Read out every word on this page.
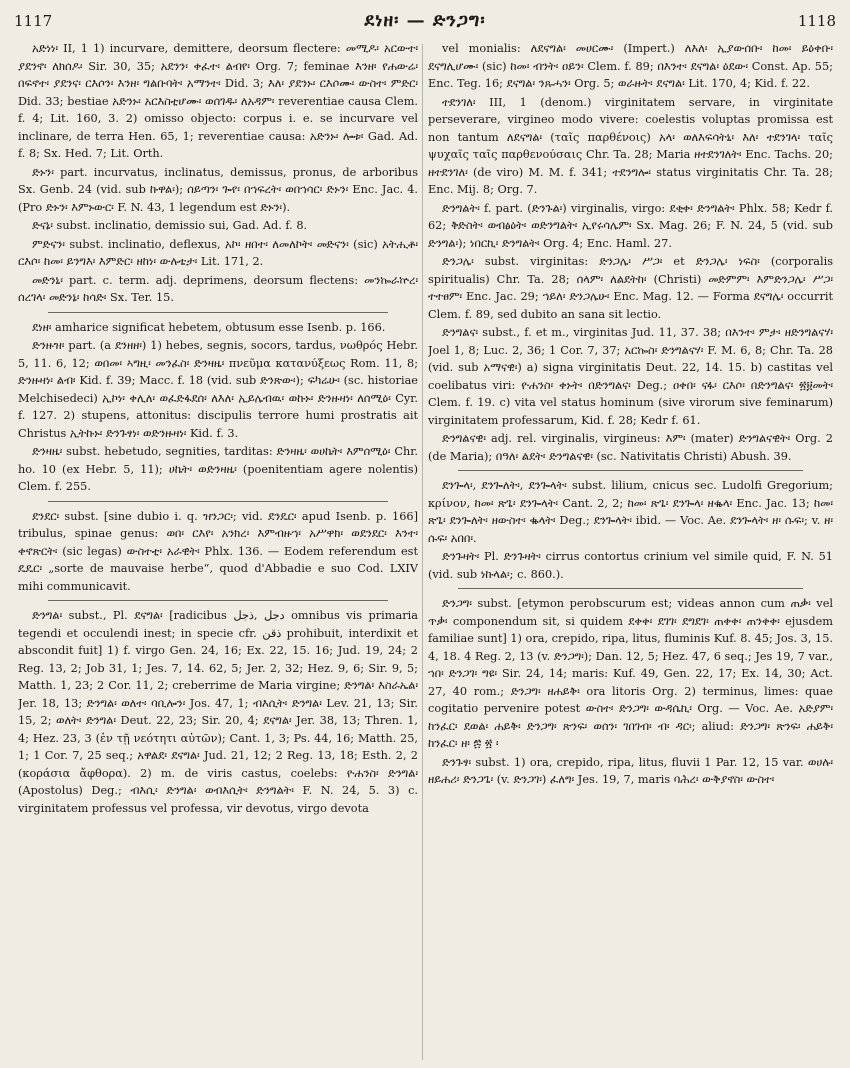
1117	ደነዘ፡ — ድንጋግ፡	1118

አድነነ፡ II, 1 1) incurvare, demittere, deorsum flectere: መሚዶ፡ አርውተ፡ ያደንኖ፡ ለክሰዶ፡ Sir. 30, 35; አደንን፡ ቀፈተ፡ ልብየ፡ Org. 7; feminae እንዘ፡ የሐውሬ፡ በፍኖተ፡ ያደንና፡ ርእሶን፡ እንዘ፡ ግልቡባት፡ አማንተ፡ Did. 3; እለ፡ ያደንኑ፡ ርእሶሙ፡ ውስተ፡ ምድር፡ Did. 33; bestiae አድንኑ፡ አርእስቲሆሙ፡ ወሰገዱ፡ ለአዳም፡ reverentiae causa Clem. f. 4; Lit. 160, 3. 2) omisso objecto: corpus i. e. se incurvare vel inclinare, de terra Hen. 65, 1; reverentiae causa: አድንኑ፡ ሎቱ፡ Gad. Ad. f. 8; Sx. Hed. 7; Lit. Orth.

ድኑን፡ part. incurvatus, inclinatus, demissus, pronus, de arboribus Sx. Genb. 24 (vid. sub ኩዋል፡); ሰይጣን፡ ጐየ፡ በኀፍረት፡ ወበኀሳር፡ ድኑን፡ Enc. Jac. 4. (Pro ድኑን፡ እምኑውር፡ F. N. 43, 1 legendum est ድኑን፡).

ድናኔ፡ subst. inclinatio, demissio sui, Gad. Ad. f. 8.

ምድናን፡ subst. inclinatio, deflexus, አኮ፡ ዘበተ፡ ለመለኮት፡ መድናን፡ (sic) አትሒቶ፡ ርእሶ፡ ከመ፡ ይንግእ፡ እምድር፡ ዘከነ፡ ውሉቴታ፡ Lit. 171, 2.

መድንኒ፡ part. c. term. adj. deprimens, deorsum flectens: መንኰራኵረ፡ ሰረገላ፡ መድንኔ፡ ከሳድ፡ Sx. Ter. 15.

ደነዘ፡ amharice significat hebetem, obtusum esse Isenb. p. 166.

ድንዙዝ፡ part. (a ደንዘዘ፡) 1) hebes, segnis, socors, tardus, νωθρός Hebr. 5, 11. 6, 12; ወበመ፡ ኣግዚ፡ መንፈስ፡ ድንዛዜ፡ πνεῦμα κατανύξεως Rom. 11, 8; ድንዙዛነ፡ ልብ፡ Kid. f. 39; Macc. f. 18 (vid. sub ድንጽው፡); ፍካሬሁ፡ (sc. historiae Melchisedeci) ኢኮነ፡ ቀሊለ፡ ወፈድፋደሰ፡ ለእለ፡ ኢይሌብዉ፡ ወኩኑ፡ ድንዙዛነ፡ ለሰሚዕ፡ Cyr. f. 127. 2) stupens, attonitus: discipulis terrore humi prostratis ait Christus ኢትኩኑ፡ ድንጉፃነ፡ ወድንዙዛነ፡ Kid. f. 3.

ድንዛዜ፡ subst. hebetudo, segnities, tarditas: ድንዛዜ፡ ወሀኬት፡ እምሰሚዕ፡ Chr. ho. 10 (ex Hebr. 5, 11); ሀኬት፡ ወድንዛዜ፡ (poenitentiam agere nolentis) Clem. f. 255.

ደንደር፡ subst. [sine dubio i. q. ዝንጋር፡; vid. ደንዴር፡ apud Isenb. p. 166] tribulus, spinae genus: ወበ፡ ርእየ፡ አንክረ፡ እምብዙኀ፡ አሥዋክ፡ ወደንደር፡ እንተ፡ ቀኖጽርት፡ (sic legas) ውስተቲ፡ አራዊት፡ Phlx. 136. — Eodem referendum est ዴዴር፡ „sorte de mauvaise herbe“, quod d'Abbadie e suo Cod. LXIV mihi communicavit.

ድንግል፡ subst., Pl. ደናግል፡ [radicibus دجل ,ذجل omnibus vis primaria tegendi et occulendi inest; in specie cfr. ذقن prohibuit, interdixit et abscondit fuit] 1) f. virgo Gen. 24, 16; Ex. 22, 15. 16; Jud. 19, 24; 2 Reg. 13, 2; Job 31, 1; Jes. 7, 14. 62, 5; Jer. 2, 32; Hez. 9, 6; Sir. 9, 5; Matth. 1, 23; 2 Cor. 11, 2; creberrime de Maria virgine; ድንግል፡ እስራኤል፡ Jer. 18, 13; ድንግል፡ ወለተ፡ ባቢሎን፡ Jos. 47, 1; ብእሲት፡ ድንግል፡ Lev. 21, 13; Sir. 15, 2; ወለት፡ ድንግል፡ Deut. 22, 23; Sir. 20, 4; ደናግል፡ Jer. 38, 13; Thren. 1, 4; Hez. 23, 3 (ἐν τῇ νεότητι αὐτῶν); Cant. 1, 3; Ps. 44, 16; Matth. 25, 1; 1 Cor. 7, 25 seq.; አዋልደ፡ ደናግል፡ Jud. 21, 12; 2 Reg. 13, 18; Esth. 2, 2 (κοράσια ἄφθορα). 2) m. de viris castus, coelebs: ዮሐንስ፡ ድንግል፡ (Apostolus) Deg.; ብእሲ፡ ድንግል፡ ወብእሲት፡ ድንግልት፡ F. N. 24, 5. 3) c. virginitatem professus vel professa, vir devotus, virgo devota

vel monialis: ለደናግል፡ መሀርሙ፡ (Impert.) ለእለ፡ ኢያውሰቡ፡ ከመ፡ ይዕቀቡ፡ ደናግሊሆሙ፡ (sic) ከመ፡ ብንት፡ ዐይን፡ Clem. f. 89; በእንተ፡ ደናግል፡ ዕደው፡ Const. Ap. 55; Enc. Teg. 16; ደናግል፡ ንጹሓን፡ Org. 5; ወራዙት፡ ደናግል፡ Lit. 170, 4; Kid. f. 22.

ተደንገለ፡ III, 1 (denom.) virginitatem servare, in virginitate perseverare, virgineo modo vivere: coelestis voluptas promissa est non tantum ለደናግል፡ (ταῖς παρθένοις) አላ፡ ወለእፍሳትኒ፡ እለ፡ ተደንገላ፡ ταῖς ψυχαῖς ταῖς παρθενούσαις Chr. Ta. 28; Maria ዘተደንገለት፡ Enc. Tachs. 20; ዘተደንገለ፡ (de viro) M. M. f. 341; ተደንግሎ፡ status virginitatis Chr. Ta. 28; Enc. Mij. 8; Org. 7.

ድንግልት፡ f. part. (ድንጉል፡) virginalis, virgo: ደቂቀ፡ ድንግልት፡ Phlx. 58; Kedr f. 62; ቅድስት፡ ወብፅዕት፡ ወድንግልት፡ ኢየሩሳሌም፡ Sx. Mag. 26; F. N. 24, 5 (vid. sub ድንግል፡); ነበርኪ፡ ድንግልት፡ Org. 4; Enc. Haml. 27.

ድንጋሌ፡ subst. virginitas: ድንጋሌ፡ ሥጋ፡ et ድንጋሌ፡ ነፍስ፡ (corporalis spiritualis) Chr. Ta. 28; ሰላም፡ ለልደትከ፡ (Christi) መድምም፡ እምድንጋሌ፡ ሥጋ፡ ተተፀም፡ Enc. Jac. 29; ኀይለ፡ ድንጋሌሁ፡ Enc. Mag. 12. — Forma ደናግሌ፡ occurrit Clem. f. 89, sed dubito an sana sit lectio.

ድንግልና፡ subst., f. et m., virginitas Jud. 11, 37. 38; በእንተ፡ ምታ፡ ዘድንግልናሃ፡ Joel 1, 8; Luc. 2, 36; 1 Cor. 7, 37; አርኰስ፡ ድንግልናሃ፡ F. M. 6, 8; Chr. Ta. 28 (vid. sub አማናዊ፡) a) signa virginitatis Deut. 22, 14. 15. b) castitas vel coelibatus viri: ዮሐንስ፡ ቀኑት፡ በድንግልና፡ Deg.; ዐቀበ፡ ናፋ፡ ርእሶ፡ በድንግልና፡ ፳፱መት፡ Clem. f. 19. c) vita vel status hominum (sive virorum sive feminarum) virginitatem professarum, Kid. f. 28; Kedr f. 61.

ድንግልናዊ፡ adj. rel. virginalis, virgineus: እም፡ (mater) ድንግልናዊት፡ Org. 2 (de Maria); በዓለ፡ ልደት፡ ድንግልናዊ፡ (sc. Nativitatis Christi) Abush. 39.

ደንጐላ፡, ደንጐለት፡, ደንጐላት፡ subst. lilium, cnicus sec. Ludolfi Gregorium; κρίνον, ከመ፡ ጽጌ፡ ደንጐላት፡ Cant. 2, 2; ከመ፡ ጽጌ፡ ደንጐላ፡ ዘቈላ፡ Enc. Jac. 13; ከመ፡ ጽጌ፡ ደንጐለት፡ ዘውስተ፡ ቈላት፡ Deg.; ደንጐላት፡ ibid. — Voc. Ae. ደንጐላት፡ ዘ፡ ሱፍ፡; v. ዘ፡ ሱፍ፡ አበበ፡.

ድንጉዛት፡ Pl. ድንጉዛት፡ cirrus contortus crinium vel simile quid, F. N. 51 (vid. sub ነኩላል፡; c. 860.).

ድንጋግ፡ subst. [etymon perobscurum est; videas annon cum ጠቃ፡ vel ጥቃ፡ componendum sit, si quidem ደቀቀ፡ ደገገ፡ ደግደገ፡ ጠቀቀ፡ ጠንቀቀ፡ ejusdem familiae sunt] 1) ora, crepido, ripa, litus, fluminis Kuf. 8. 45; Jos. 3, 15. 4, 18. 4 Reg. 2, 13 (v. ድንጋግ፡); Dan. 12, 5; Hez. 47, 6 seq.; Jes 19, 7 var., ኀበ፡ ድንጋገ፡ ግዩ፡ Sir. 24, 14; maris: Kuf. 49, Gen. 22, 17; Ex. 14, 30; Act. 27, 40 rom.; ድንጋግ፡ ዘሐይቅ፡ ora litoris Org. 2) terminus, limes: quae cogitatio pervenire potest ውስተ፡ ድንጋግ፡ ውዳሴኪ፡ Org. — Voc. Ae. አድያም፡ ከንፈር፡ ደወል፡ ሐይቅ፡ ድንጋግ፡ ጽንፍ፡ ወሰን፡ ገበገብ፡ ብ፡ ዳር፡; aliud: ድንጋግ፡ ጽንፍ፡ ሐይቅ፡ ከንፈር፡ ዘ፡ ፷ ፳ ፡

ድንጉፃ፡ subst. 1) ora, crepido, ripa, litus, fluvii 1 Par. 12, 15 var. ወሀሉ፡ ዘይሐሪ፡ ድንጋጌ፡ (v. ድንጋገ፡) ፈለግ፡ Jes. 19, 7, maris ባሕረ፡ ውቅያኖስ፡ ውስተ፡
